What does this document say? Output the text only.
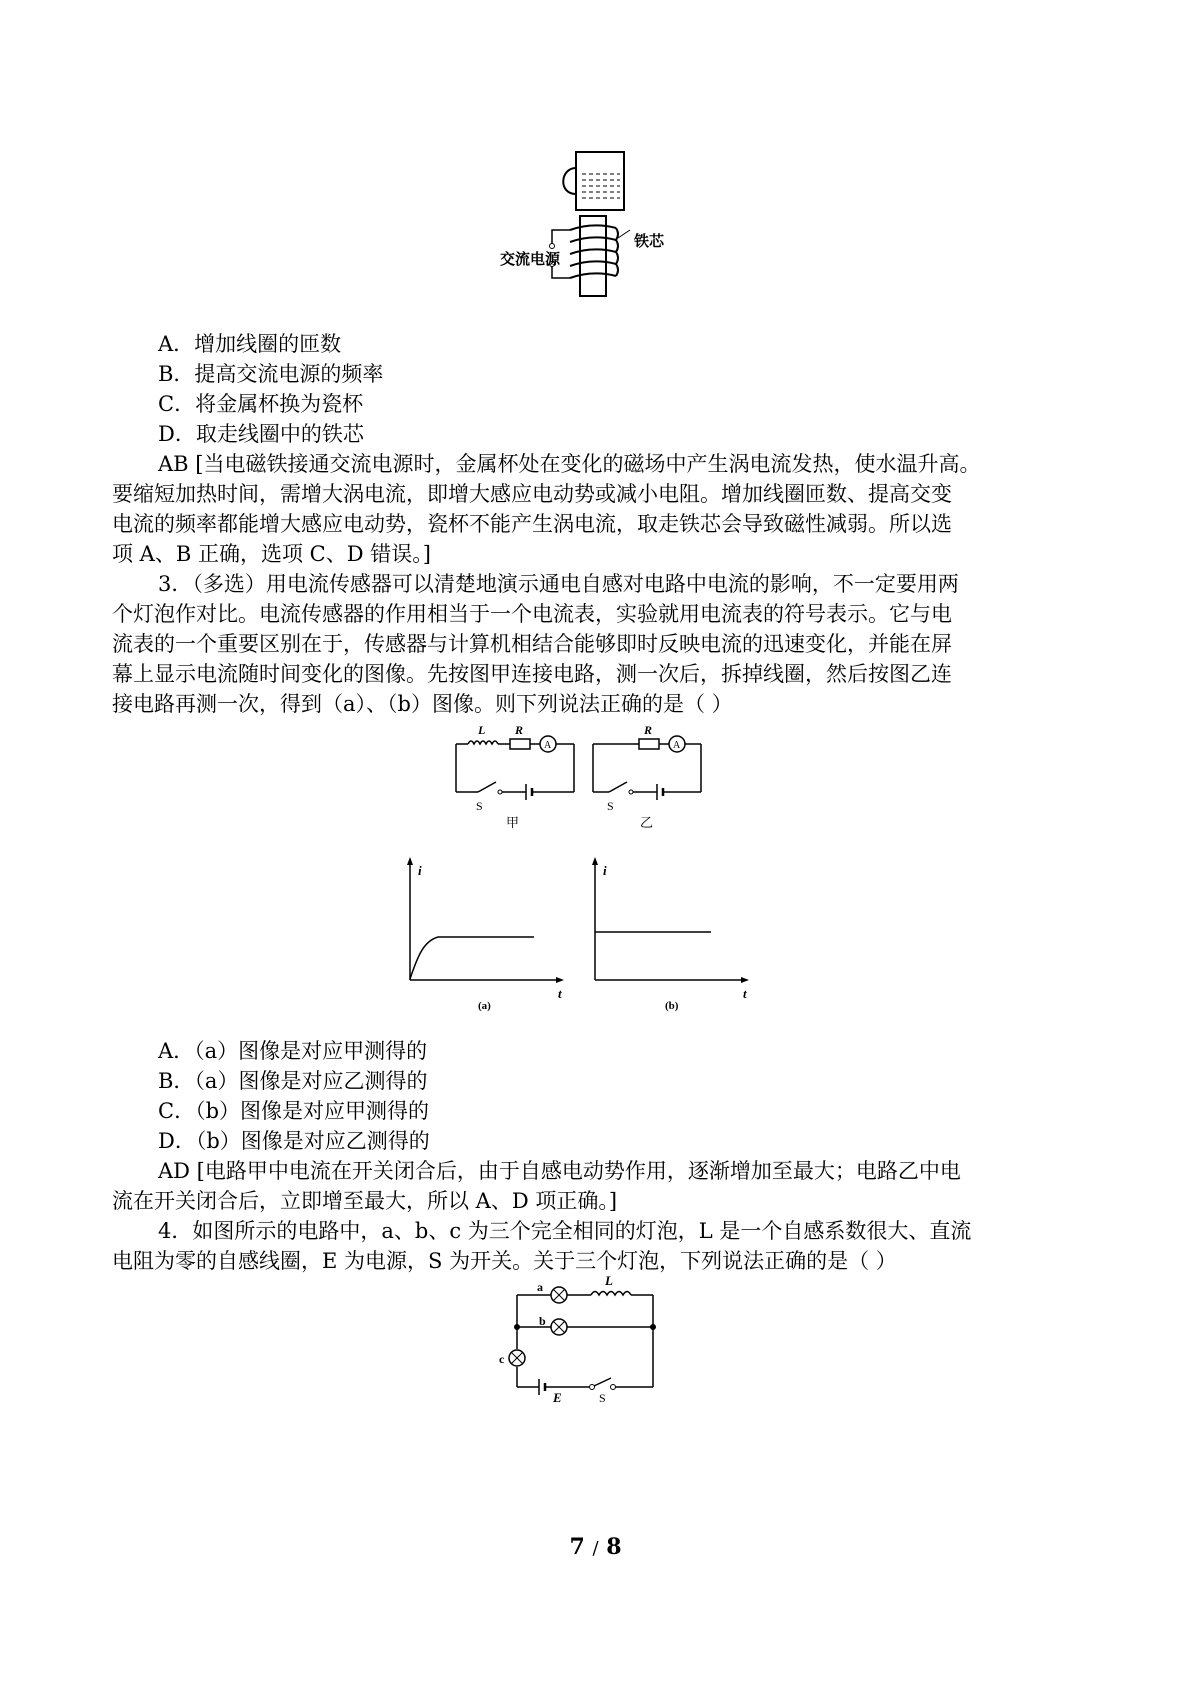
交流电源
铁芯
A．增加线圈的匝数
B．提高交流电源的频率
C．将金属杯换为瓷杯
D．取走线圈中的铁芯
AB [当电磁铁接通交流电源时，金属杯处在变化的磁场中产生涡电流发热，使水温升高。
要缩短加热时间，需增大涡电流，即增大感应电动势或减小电阻。增加线圈匝数、提高交变
电流的频率都能增大感应电动势，瓷杯不能产生涡电流，取走铁芯会导致磁性减弱。所以选
项 A、B 正确，选项 C、D 错误。]
3．（多选）用电流传感器可以清楚地演示通电自感对电路中电流的影响，不一定要用两
个灯泡作对比。电流传感器的作用相当于一个电流表，实验就用电流表的符号表示。它与电
流表的一个重要区别在于，传感器与计算机相结合能够即时反映电流的迅速变化，并能在屏
幕上显示电流随时间变化的图像。先按图甲连接电路，测一次后，拆掉线圈，然后按图乙连
接电路再测一次，得到（a）、（b）图像。则下列说法正确的是（ ）
L R
A
S
甲
R
A
S
乙
i
t
(a)
i
t
(b)
A．（a）图像是对应甲测得的
B．（a）图像是对应乙测得的
C．（b）图像是对应甲测得的
D．（b）图像是对应乙测得的
AD [电路甲中电流在开关闭合后，由于自感电动势作用，逐渐增加至最大；电路乙中电
流在开关闭合后，立即增至最大，所以 A、D 项正确。]
4．如图所示的电路中，a、b、c 为三个完全相同的灯泡，L 是一个自感系数很大、直流
电阻为零的自感线圈，E 为电源，S 为开关。关于三个灯泡，下列说法正确的是（ ）
a
b
c
L
E	S
7 / 8
